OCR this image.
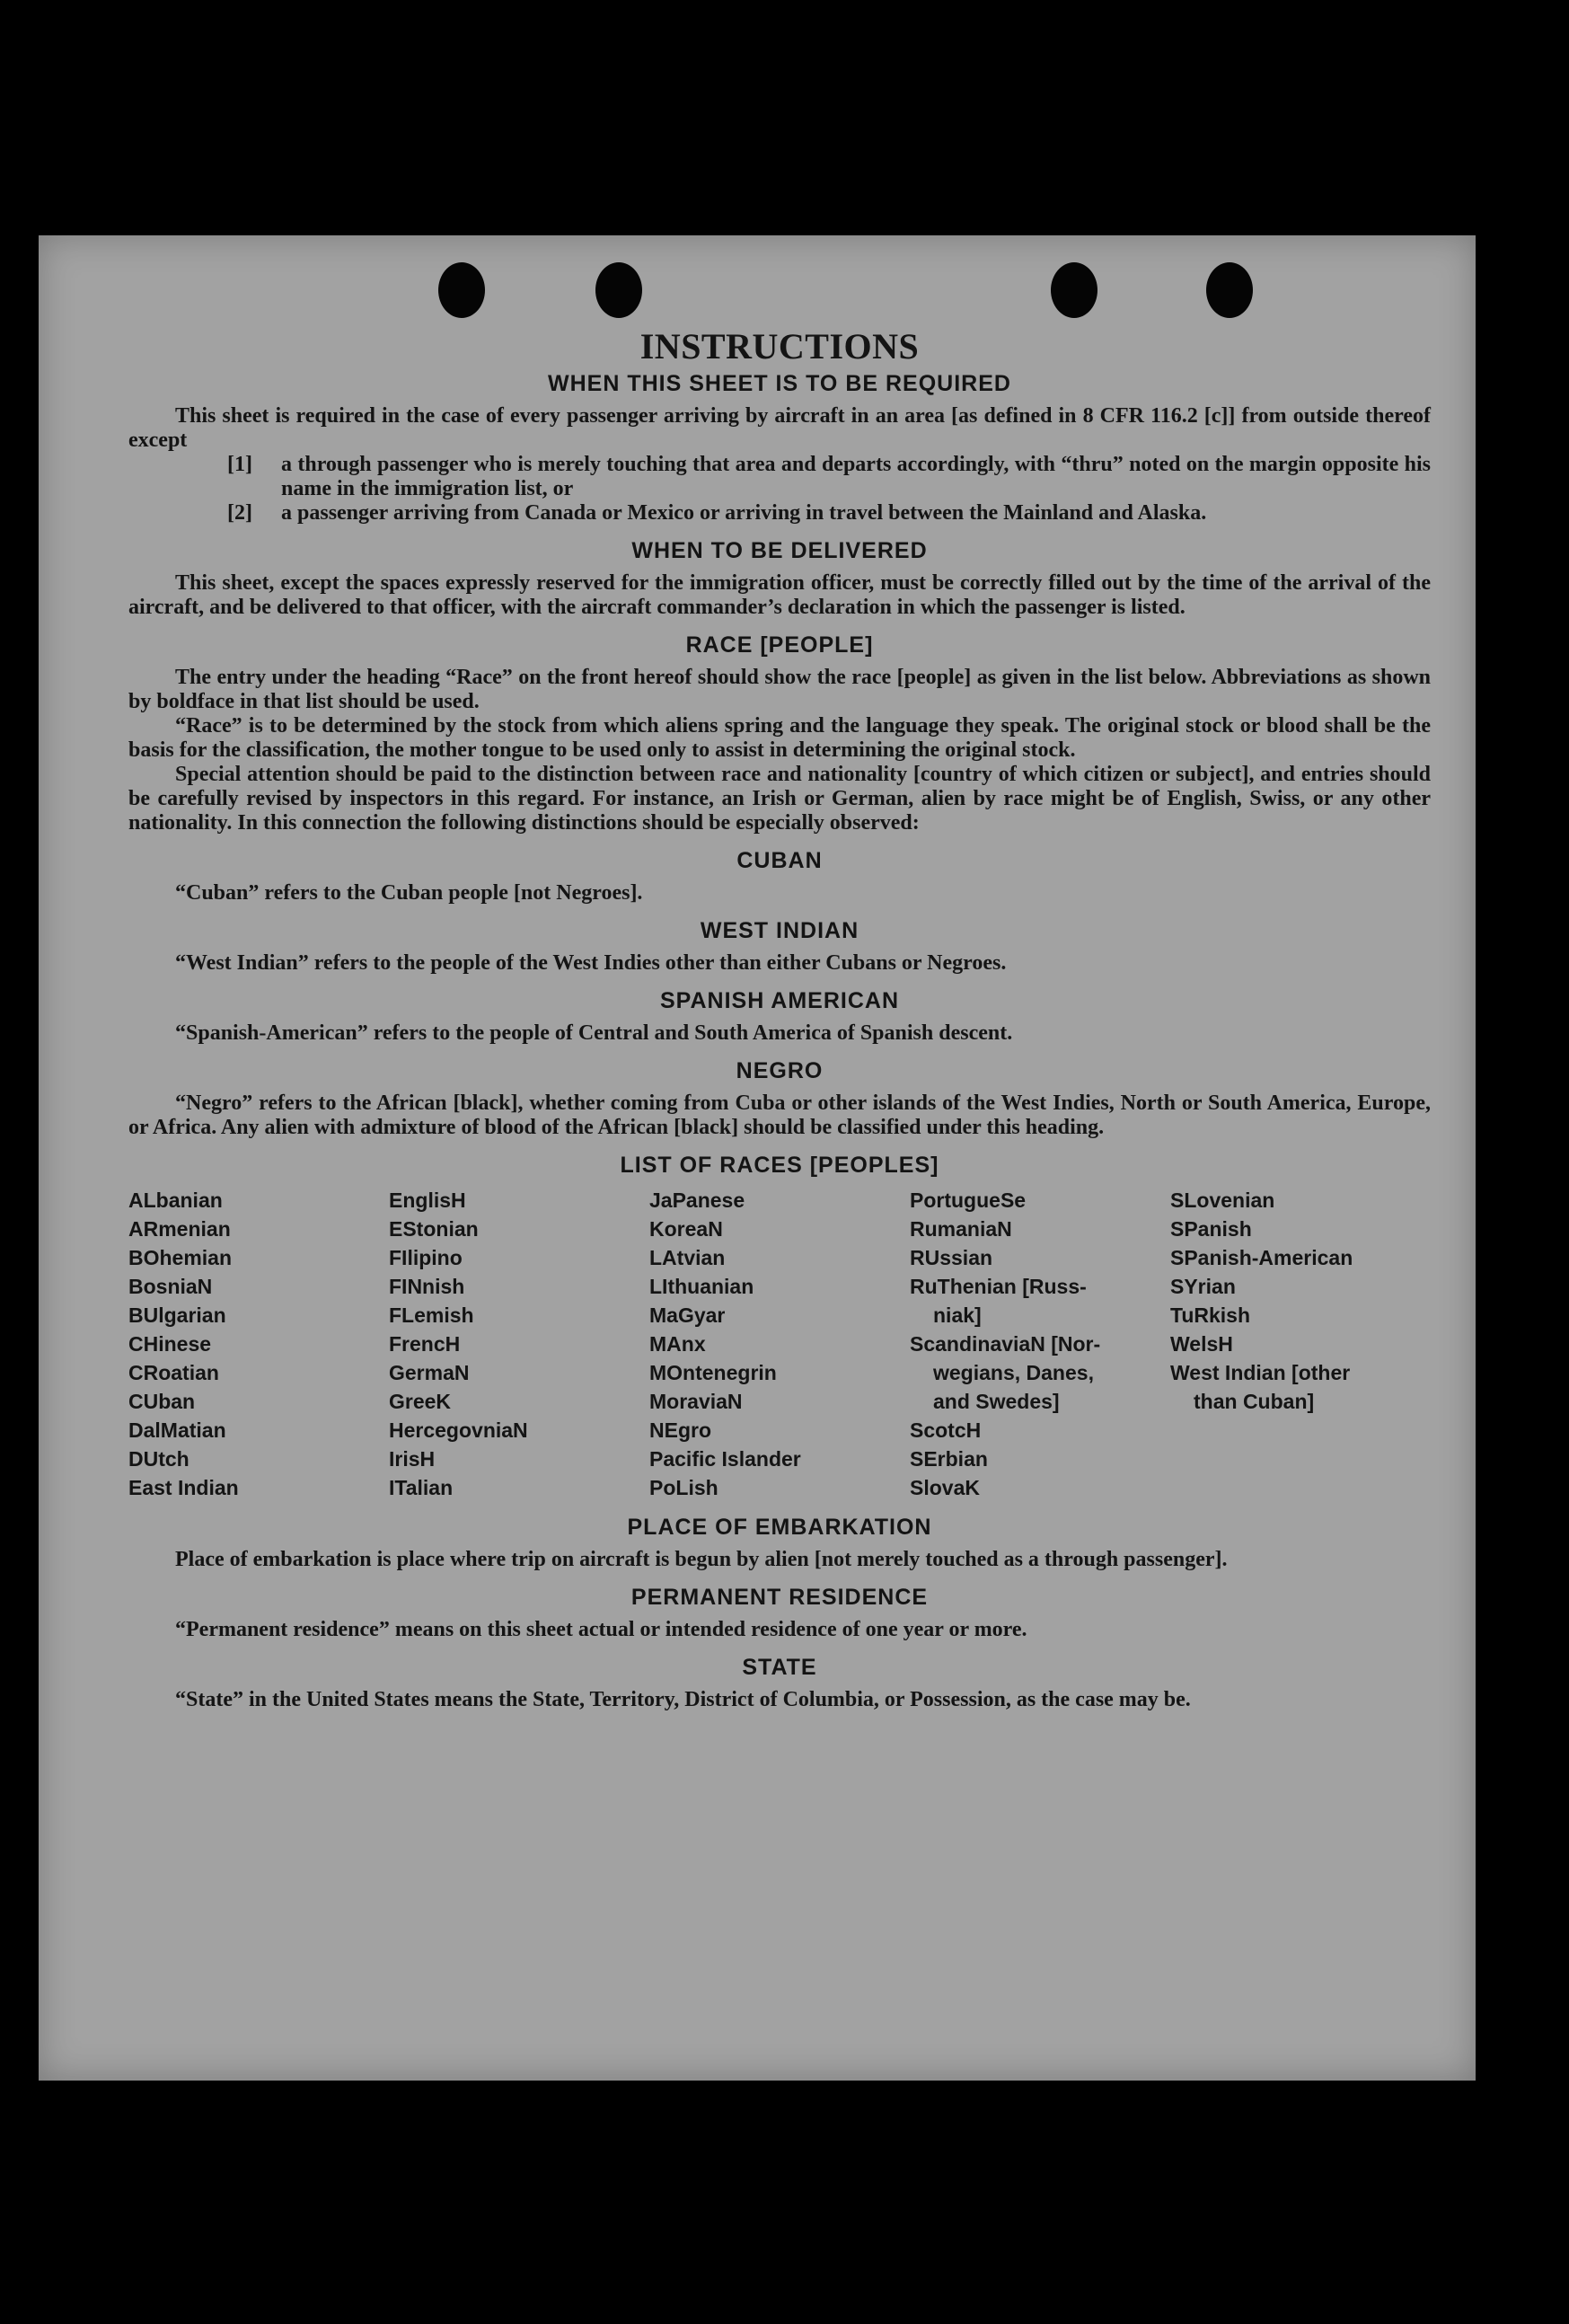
INSTRUCTIONS
WHEN THIS SHEET IS TO BE REQUIRED

This sheet is required in the case of every passenger arriving by aircraft in an area [as defined in 8 CFR 116.2 [c]] from outside thereof except

[1]	a through passenger who is merely touching that area and departs accordingly, with “thru” noted on the margin opposite his name in the immigration list, or
[2]	a passenger arriving from Canada or Mexico or arriving in travel between the Mainland and Alaska.
WHEN TO BE DELIVERED

This sheet, except the spaces expressly reserved for the immigration officer, must be correctly filled out by the time of the arrival of the aircraft, and be delivered to that officer, with the aircraft commander’s declaration in which the passenger is listed.

RACE [PEOPLE]

The entry under the heading “Race” on the front hereof should show the race [people] as given in the list below. Abbreviations as shown by boldface in that list should be used.

“Race” is to be determined by the stock from which aliens spring and the language they speak. The original stock or blood shall be the basis for the classification, the mother tongue to be used only to assist in determining the original stock.

Special attention should be paid to the distinction between race and nationality [country of which citizen or subject], and entries should be carefully revised by inspectors in this regard. For instance, an Irish or German, alien by race might be of English, Swiss, or any other nationality. In this connection the following distinctions should be especially observed:

CUBAN

“Cuban” refers to the Cuban people [not Negroes].

WEST INDIAN

“West Indian” refers to the people of the West Indies other than either Cubans or Negroes.

SPANISH AMERICAN

“Spanish-American” refers to the people of Central and South America of Spanish descent.

NEGRO

“Negro” refers to the African [black], whether coming from Cuba or other islands of the West Indies, North or South America, Europe, or Africa. Any alien with admixture of blood of the African [black] should be classified under this heading.

LIST OF RACES [PEOPLES]
ALbanian
ARmenian
BOhemian
BosniaN
BUlgarian
CHinese
CRoatian
CUban
DalMatian
DUtch
East Indian
EnglisH
EStonian
FIlipino
FINnish
FLemish
FrencH
GermaN
GreeK
HercegovniaN
IrisH
ITalian
JaPanese
KoreaN
LAtvian
LIthuanian
MaGyar
MAnx
MOntenegrin
MoraviaN
NEgro
Pacific Islander
PoLish
PortugueSe
RumaniaN
RUssian
RuThenian [Russ-
niak]
ScandinaviaN [Nor-
wegians, Danes,
and Swedes]
ScotcH
SErbian
SlovaK
SLovenian
SPanish
SPanish-American
SYrian
TuRkish
WelsH
West Indian [other
than Cuban]
PLACE OF EMBARKATION

Place of embarkation is place where trip on aircraft is begun by alien [not merely touched as a through passenger].

PERMANENT RESIDENCE

“Permanent residence” means on this sheet actual or intended residence of one year or more.

STATE

“State” in the United States means the State, Territory, District of Columbia, or Possession, as the case may be.
